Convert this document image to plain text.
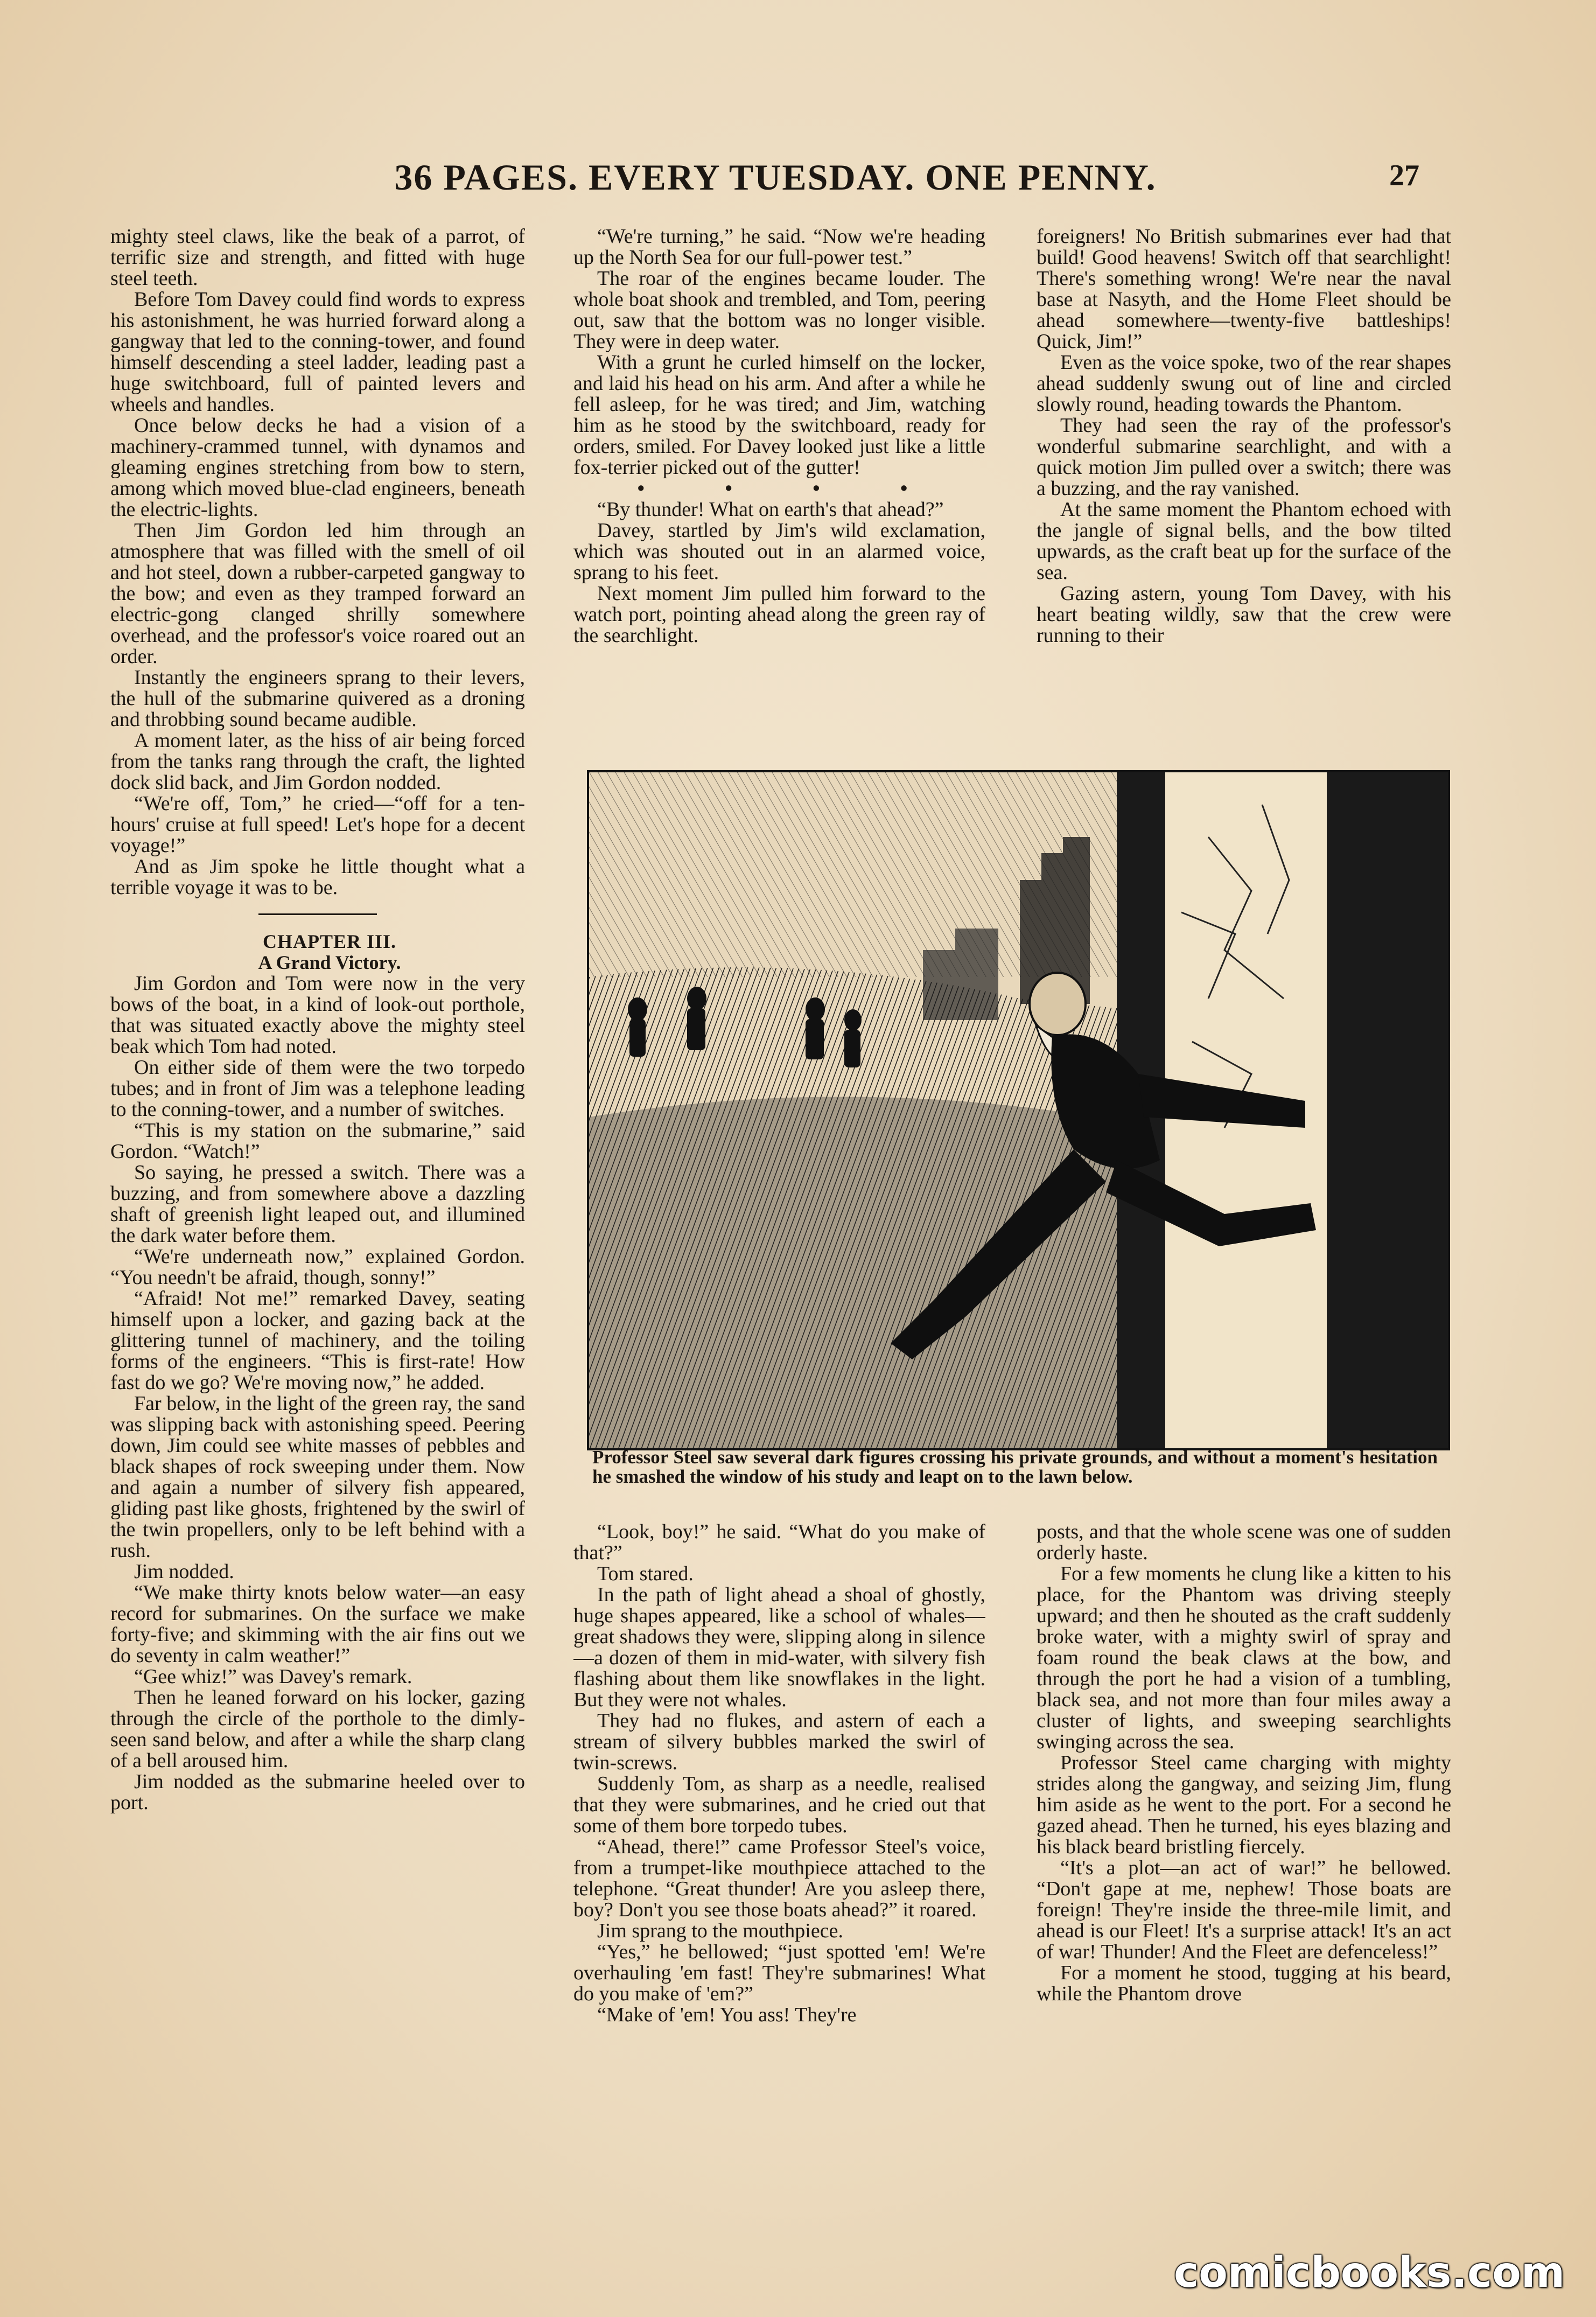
36 PAGES. EVERY TUESDAY. ONE PENNY.	27

mighty steel claws, like the beak of a parrot, of terrific size and strength, and fitted with huge steel teeth.

Before Tom Davey could find words to express his astonishment, he was hurried forward along a gangway that led to the conning-tower, and found himself descending a steel ladder, leading past a huge switchboard, full of painted levers and wheels and handles.

Once below decks he had a vision of a machinery-crammed tunnel, with dynamos and gleaming engines stretching from bow to stern, among which moved blue-clad engineers, beneath the electric-lights.

Then Jim Gordon led him through an atmosphere that was filled with the smell of oil and hot steel, down a rubber-carpeted gangway to the bow; and even as they tramped forward an electric-gong clanged shrilly somewhere overhead, and the professor's voice roared out an order.

Instantly the engineers sprang to their levers, the hull of the submarine quivered as a droning and throbbing sound became audible.

A moment later, as the hiss of air being forced from the tanks rang through the craft, the lighted dock slid back, and Jim Gordon nodded.

“We're off, Tom,” he cried—“off for a ten-hours' cruise at full speed! Let's hope for a decent voyage!”

And as Jim spoke he little thought what a terrible voyage it was to be.

CHAPTER III.

A Grand Victory.

Jim Gordon and Tom were now in the very bows of the boat, in a kind of look-out porthole, that was situated exactly above the mighty steel beak which Tom had noted.

On either side of them were the two torpedo tubes; and in front of Jim was a telephone leading to the conning-tower, and a number of switches.

“This is my station on the submarine,” said Gordon. “Watch!”

So saying, he pressed a switch. There was a buzzing, and from somewhere above a dazzling shaft of greenish light leaped out, and illumined the dark water before them.

“We're underneath now,” explained Gordon. “You needn't be afraid, though, sonny!”

“Afraid! Not me!” remarked Davey, seating himself upon a locker, and gazing back at the glittering tunnel of machinery, and the toiling forms of the engineers. “This is first-rate! How fast do we go? We're moving now,” he added.

Far below, in the light of the green ray, the sand was slipping back with astonishing speed. Peering down, Jim could see white masses of pebbles and black shapes of rock sweeping under them. Now and again a number of silvery fish appeared, gliding past like ghosts, frightened by the swirl of the twin propellers, only to be left behind with a rush.

Jim nodded.

“We make thirty knots below water—an easy record for submarines. On the surface we make forty-five; and skimming with the air fins out we do seventy in calm weather!”

“Gee whiz!” was Davey's remark.

Then he leaned forward on his locker, gazing through the circle of the porthole to the dimly-seen sand below, and after a while the sharp clang of a bell aroused him.

Jim nodded as the submarine heeled over to port.

“We're turning,” he said. “Now we're heading up the North Sea for our full-power test.”

The roar of the engines became louder. The whole boat shook and trembled, and Tom, peering out, saw that the bottom was no longer visible. They were in deep water.

With a grunt he curled himself on the locker, and laid his head on his arm. And after a while he fell asleep, for he was tired; and Jim, watching him as he stood by the switchboard, ready for orders, smiled. For Davey looked just like a little fox-terrier picked out of the gutter!

• • • •

“By thunder! What on earth's that ahead?”

Davey, startled by Jim's wild exclamation, which was shouted out in an alarmed voice, sprang to his feet.

Next moment Jim pulled him forward to the watch port, pointing ahead along the green ray of the searchlight.

foreigners! No British submarines ever had that build! Good heavens! Switch off that searchlight! There's something wrong! We're near the naval base at Nasyth, and the Home Fleet should be ahead somewhere—twenty-five battleships! Quick, Jim!”

Even as the voice spoke, two of the rear shapes ahead suddenly swung out of line and circled slowly round, heading towards the Phantom.

They had seen the ray of the professor's wonderful submarine searchlight, and with a quick motion Jim pulled over a switch; there was a buzzing, and the ray vanished.

At the same moment the Phantom echoed with the jangle of signal bells, and the bow tilted upwards, as the craft beat up for the surface of the sea.

Gazing astern, young Tom Davey, with his heart beating wildly, saw that the crew were running to their

Professor Steel saw several dark figures crossing his private grounds, and without a moment's hesitation he smashed the window of his study and leapt on to the lawn below.

“Look, boy!” he said. “What do you make of that?”

Tom stared.

In the path of light ahead a shoal of ghostly, huge shapes appeared, like a school of whales—great shadows they were, slipping along in silence—a dozen of them in mid-water, with silvery fish flashing about them like snowflakes in the light. But they were not whales.

They had no flukes, and astern of each a stream of silvery bubbles marked the swirl of twin-screws.

Suddenly Tom, as sharp as a needle, realised that they were submarines, and he cried out that some of them bore torpedo tubes.

“Ahead, there!” came Professor Steel's voice, from a trumpet-like mouthpiece attached to the telephone. “Great thunder! Are you asleep there, boy? Don't you see those boats ahead?” it roared.

Jim sprang to the mouthpiece.

“Yes,” he bellowed; “just spotted 'em! We're overhauling 'em fast! They're submarines! What do you make of 'em?”

“Make of 'em! You ass! They're

posts, and that the whole scene was one of sudden orderly haste.

For a few moments he clung like a kitten to his place, for the Phantom was driving steeply upward; and then he shouted as the craft suddenly broke water, with a mighty swirl of spray and foam round the beak claws at the bow, and through the port he had a vision of a tumbling, black sea, and not more than four miles away a cluster of lights, and sweeping searchlights swinging across the sea.

Professor Steel came charging with mighty strides along the gangway, and seizing Jim, flung him aside as he went to the port. For a second he gazed ahead. Then he turned, his eyes blazing and his black beard bristling fiercely.

“It's a plot—an act of war!” he bellowed. “Don't gape at me, nephew! Those boats are foreign! They're inside the three-mile limit, and ahead is our Fleet! It's a surprise attack! It's an act of war! Thunder! And the Fleet are defenceless!”

For a moment he stood, tugging at his beard, while the Phantom drove

comicbooks.com
